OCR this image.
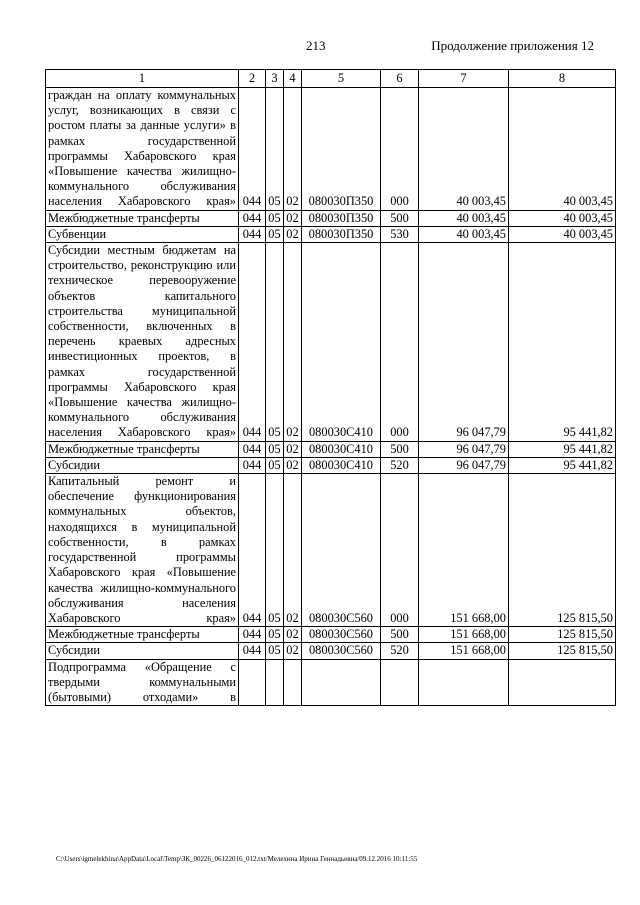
213	Продолжение приложения 12
1	2	3	4	5	6	7	8
граждан на оплату коммунальных услуг, возникающих в связи с ростом платы за данные услуги» в рамках государственной программы Хабаровского края «Повышение качества жилищно-коммунального обслуживания населения Хабаровского края»	044	05	02	080030П350	000	40 003,45	40 003,45
Межбюджетные трансферты	044	05	02	080030П350	500	40 003,45	40 003,45
Субвенции	044	05	02	080030П350	530	40 003,45	40 003,45
Субсидии местным бюджетам на строительство, реконструкцию или техническое перевооружение объектов капитального строительства муниципальной собственности, включенных в перечень краевых адресных инвестиционных проектов, в рамках государственной программы Хабаровского края «Повышение качества жилищно-коммунального обслуживания населения Хабаровского края»	044	05	02	080030С410	000	96 047,79	95 441,82
Межбюджетные трансферты	044	05	02	080030С410	500	96 047,79	95 441,82
Субсидии	044	05	02	080030С410	520	96 047,79	95 441,82
Капитальный ремонт и обеспечение функционирования коммунальных объектов, находящихся в муниципальной собственности, в рамках государственной программы Хабаровского края «Повышение качества жилищно-коммунального обслуживания населения Хабаровского края»	044	05	02	080030С560	000	151 668,00	125 815,50
Межбюджетные трансферты	044	05	02	080030С560	500	151 668,00	125 815,50
Субсидии	044	05	02	080030С560	520	151 668,00	125 815,50
Подпрограмма «Обращение с твердыми коммунальными (бытовыми) отходами» в							
C:\Users\igmelekhina\AppData\Local\Temp\ЗК_00226_06122016_012.txt/Мелехина Ирина Геннадьевна/09.12.2016 10:11:55
